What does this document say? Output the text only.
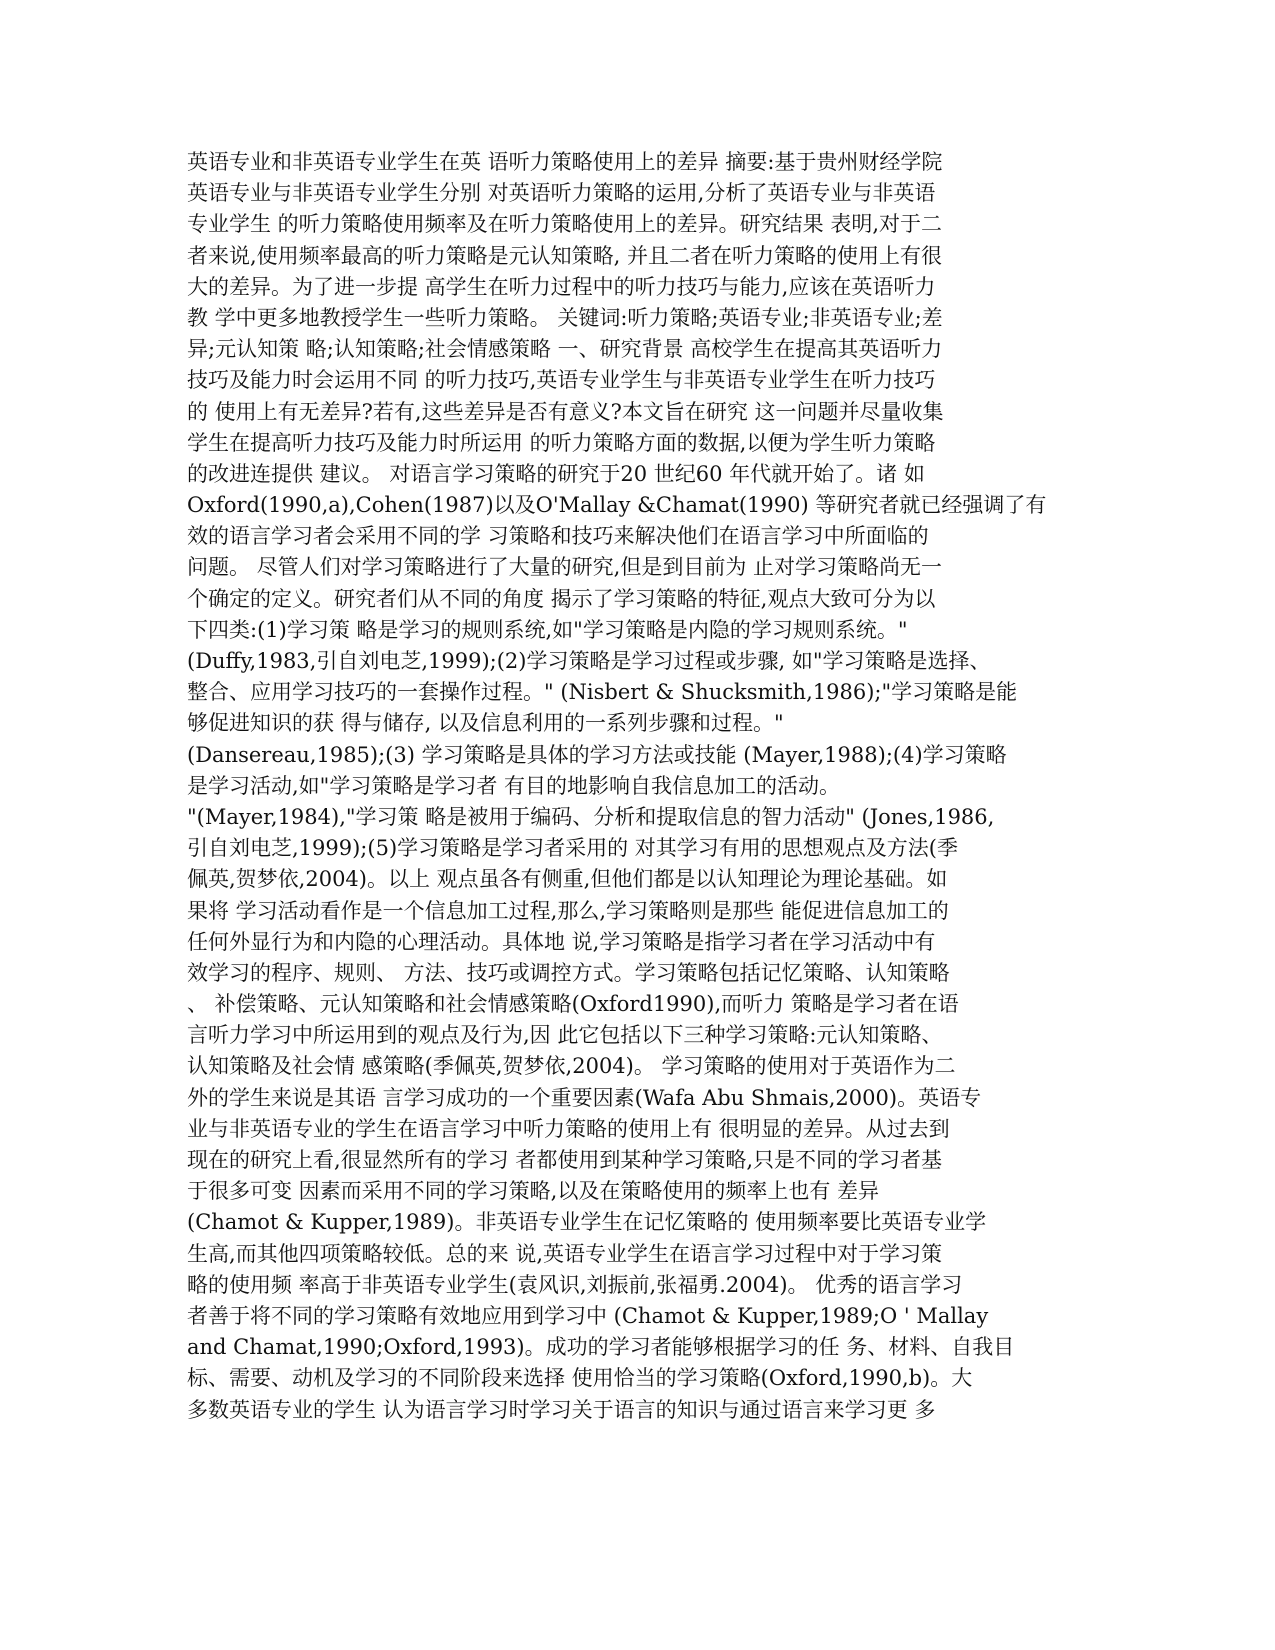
英语专业和非英语专业学生在英 语听力策略使用上的差异 摘要:基于贵州财经学院
英语专业与非英语专业学生分别 对英语听力策略的运用,分析了英语专业与非英语
专业学生 的听力策略使用频率及在听力策略使用上的差异。研究结果 表明,对于二
者来说,使用频率最高的听力策略是元认知策略, 并且二者在听力策略的使用上有很
大的差异。为了进一步提 高学生在听力过程中的听力技巧与能力,应该在英语听力
教 学中更多地教授学生一些听力策略。 关键词:听力策略;英语专业;非英语专业;差
异;元认知策 略;认知策略;社会情感策略 一、研究背景 高校学生在提高其英语听力
技巧及能力时会运用不同 的听力技巧,英语专业学生与非英语专业学生在听力技巧
的 使用上有无差异?若有,这些差异是否有意义?本文旨在研究 这一问题并尽量收集
学生在提高听力技巧及能力时所运用 的听力策略方面的数据,以便为学生听力策略
的改进连提供 建议。 对语言学习策略的研究于20 世纪60 年代就开始了。诸 如
Oxford(1990,a),Cohen(1987)以及O'Mallay &Chamat(1990) 等研究者就已经强调了有
效的语言学习者会采用不同的学 习策略和技巧来解决他们在语言学习中所面临的
问题。 尽管人们对学习策略进行了大量的研究,但是到目前为 止对学习策略尚无一
个确定的定义。研究者们从不同的角度 揭示了学习策略的特征,观点大致可分为以
下四类:(1)学习策 略是学习的规则系统,如"学习策略是内隐的学习规则系统。"
(Duffy,1983,引自刘电芝,1999);(2)学习策略是学习过程或步骤, 如"学习策略是选择、
整合、应用学习技巧的一套操作过程。" (Nisbert & Shucksmith,1986);"学习策略是能
够促进知识的获 得与储存, 以及信息利用的一系列步骤和过程。"
(Dansereau,1985);(3) 学习策略是具体的学习方法或技能 (Mayer,1988);(4)学习策略
是学习活动,如"学习策略是学习者 有目的地影响自我信息加工的活动。
"(Mayer,1984),"学习策 略是被用于编码、分析和提取信息的智力活动" (Jones,1986,
引自刘电芝,1999);(5)学习策略是学习者采用的 对其学习有用的思想观点及方法(季
佩英,贺梦依,2004)。以上 观点虽各有侧重,但他们都是以认知理论为理论基础。如
果将 学习活动看作是一个信息加工过程,那么,学习策略则是那些 能促进信息加工的
任何外显行为和内隐的心理活动。具体地 说,学习策略是指学习者在学习活动中有
效学习的程序、规则、 方法、技巧或调控方式。学习策略包括记忆策略、认知策略
、 补偿策略、元认知策略和社会情感策略(Oxford1990),而听力 策略是学习者在语
言听力学习中所运用到的观点及行为,因 此它包括以下三种学习策略:元认知策略、
认知策略及社会情 感策略(季佩英,贺梦依,2004)。 学习策略的使用对于英语作为二
外的学生来说是其语 言学习成功的一个重要因素(Wafa Abu Shmais,2000)。英语专
业与非英语专业的学生在语言学习中听力策略的使用上有 很明显的差异。从过去到
现在的研究上看,很显然所有的学习 者都使用到某种学习策略,只是不同的学习者基
于很多可变 因素而采用不同的学习策略,以及在策略使用的频率上也有 差异
(Chamot & Kupper,1989)。非英语专业学生在记忆策略的 使用频率要比英语专业学
生高,而其他四项策略较低。总的来 说,英语专业学生在语言学习过程中对于学习策
略的使用频 率高于非英语专业学生(袁风识,刘振前,张福勇.2004)。 优秀的语言学习
者善于将不同的学习策略有效地应用到学习中 (Chamot & Kupper,1989;O ' Mallay
and Chamat,1990;Oxford,1993)。成功的学习者能够根据学习的任 务、材料、自我目
标、需要、动机及学习的不同阶段来选择 使用恰当的学习策略(Oxford,1990,b)。大
多数英语专业的学生 认为语言学习时学习关于语言的知识与通过语言来学习更 多
